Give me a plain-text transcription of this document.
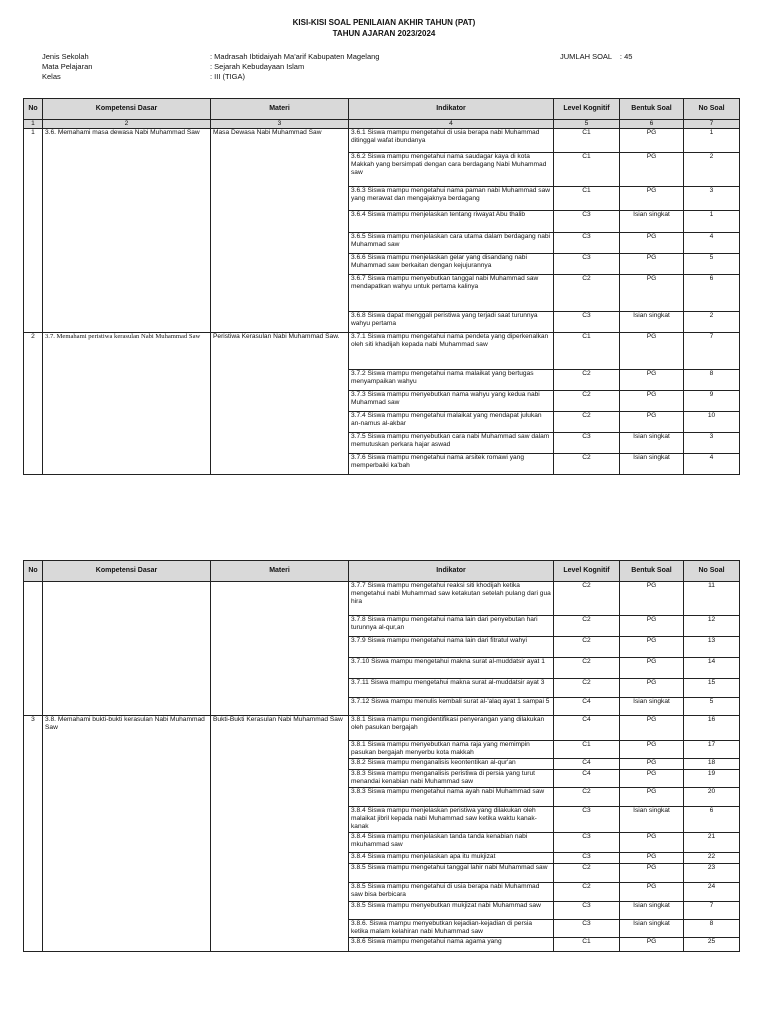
KISI-KISI SOAL PENILAIAN AKHIR TAHUN (PAT)
TAHUN AJARAN 2023/2024
Jenis Sekolah
Mata Pelajaran
Kelas
: Madrasah Ibtidaiyah Ma'arif Kabupaten Magelang
: Sejarah Kebudayaan Islam
: III (TIGA)
JUMLAH SOAL : 45
No	Kompetensi Dasar	Materi	Indikator	Level Kognitif	Bentuk Soal	No Soal
1	2	3	4	5	6	7
1	3.6. Memahami masa dewasa Nabi Muhammad Saw	Masa Dewasa Nabi Muhammad Saw	3.6.1 Siswa mampu mengetahui di usia berapa nabi Muhammad ditinggal wafat ibundanya	C1	PG	1
			3.6.2 Siswa mampu mengetahui nama saudagar kaya di kota Makkah yang bersimpati dengan cara berdagang Nabi Muhammad saw	C1	PG	2
			3.6.3 Siswa mampu mengetahui nama paman nabi Muhammad saw yang merawat dan mengajaknya berdagang	C1	PG	3
			3.6.4 Siswa mampu menjelaskan tentang riwayat Abu thalib	C3	Isian singkat	1
			3.6.5 Siswa mampu menjelaskan cara utama dalam berdagang nabi Muhammad saw	C3	PG	4
			3.6.6 Siswa mampu menjelaskan gelar yang disandang nabi Muhammad saw berkaitan dengan kejujurannya	C3	PG	5
			3.6.7 Siswa mampu menyebutkan tanggal nabi Muhammad saw mendapatkan wahyu untuk pertama kalinya	C2	PG	6
			3.6.8 Siswa dapat menggali peristiwa yang terjadi saat turunnya wahyu pertama	C3	Isian singkat	2
2	3.7. Memahami peristiwa kerasulan Nabi Muhammad Saw	Peristiwa Kerasulan Nabi Muhammad Saw.	3.7.1 Siswa mampu mengetahui nama pendeta yang diperkenalkan oleh siti khadijah kepada nabi Muhammad saw	C1	PG	7
			3.7.2 Siswa mampu mengetahui nama malaikat yang bertugas menyampaikan wahyu	C2	PG	8
			3.7.3 Siswa mampu menyebutkan nama wahyu yang kedua nabi Muhammad saw	C2	PG	9
			3.7.4 Siswa mampu mengetahui malaikat yang mendapat julukan an-namus al-akbar	C2	PG	10
			3.7.5 Siswa mampu menyebutkan cara nabi Muhammad saw dalam memutuskan perkara hajar aswad	C3	Isian singkat	3
			3.7.6 Siswa mampu mengetahui nama arsitek romawi yang memperbaiki ka'bah	C2	Isian singkat	4
No	Kompetensi Dasar	Materi	Indikator	Level Kognitif	Bentuk Soal	No Soal
			3.7.7 Siswa mampu mengetahui reaksi siti khodijah ketika mengetahui nabi Muhammad saw ketakutan setelah pulang dari gua hira	C2	PG	11
			3.7.8 Siswa mampu mengetahui nama lain dari penyebutan hari turunnya al-qur,an	C2	PG	12
			3.7.9 Siswa mampu mengetahui nama lain dari fitratul wahyi	C2	PG	13
			3.7.10 Siswa mampu mengetahui makna surat al-muddatsir ayat 1	C2	PG	14
			3.7.11 Siswa mampu mengetahui makna surat al-muddatsir ayat 3	C2	PG	15
			3.7.12 Siswa mampu menulis kembali surat al-'alaq ayat 1 sampai 5	C4	Isian singkat	5
3	3.8. Memahami bukti-bukti kerasulan Nabi Muhammad Saw	Bukti-Bukti Kerasulan Nabi Muhammad Saw	3.8.1 Siswa mampu mengidentifikasi penyerangan yang dilakukan oleh pasukan bergajah	C4	PG	16
			3.8.1 Siswa mampu menyebutkan nama raja yang memimpin pasukan bergajah menyerbu kota makkah	C1	PG	17
			3.8.2 Siswa mampu menganalisis keontentikan al-qur'an	C4	PG	18
			3.8.3 Siswa mampu menganalisis peristiwa di persia yang turut menandai kenabian nabi Muhammad saw	C4	PG	19
			3.8.3 Siswa mampu mengetahui nama ayah nabi Muhammad saw	C2	PG	20
			3.8.4 Siswa mampu menjelaskan peristiwa yang dilakukan oleh malaikat jibril kepada nabi Muhammad saw ketika waktu kanak-kanak	C3	Isian singkat	6
			3.8.4 Siswa mampu menjelaskan tanda tanda kenabian nabi mkuhammad saw	C3	PG	21
			3.8.4 Siswa mampu menjelaskan apa itu mukjizat	C3	PG	22
			3.8.5 Siswa mampu mengetahui tanggal lahir nabi Muhammad saw	C2	PG	23
			3.8.5 Siswa mampu mengetahui di usia berapa nabi Muhammad saw bisa berbicara	C2	PG	24
			3.8.5 Siswa mampu menyebutkan mukjizat nabi Muhammad saw	C3	Isian singkat	7
			3.8.6. Siswa mampu menyebutkan kejadian-kejadian di persia ketika malam kelahiran nabi Muhammad saw	C3	Isian singkat	8
			3.8.6 Siswa mampu mengetahui nama agama yang	C1	PG	25
